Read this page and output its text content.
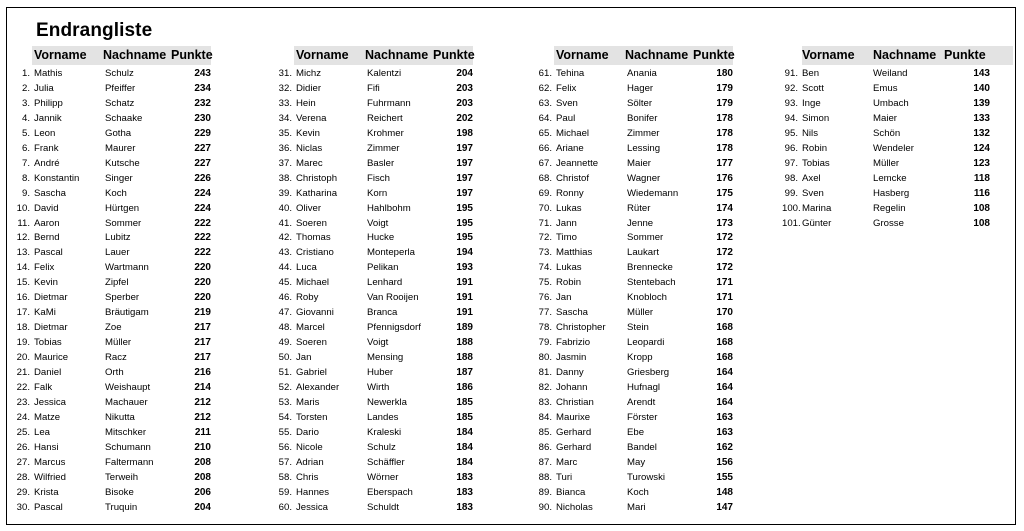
Endrangliste
Vorname Nachname Punkte
1. Mathis	Schulz	243
2. Julia	Pfeiffer	234
3. Philipp	Schatz	232
4. Jannik	Schaake	230
5. Leon	Gotha	229
6. Frank	Maurer	227
7. André	Kutsche	227
8. Konstantin	Singer	226
9. Sascha	Koch	224
10. David	Hürtgen	224
11. Aaron	Sommer	222
12. Bernd	Lubitz	222
13. Pascal	Lauer	222
14. Felix	Wartmann	220
15. Kevin	Zipfel	220
16. Dietmar	Sperber	220
17. KaMi	Bräutigam	219
18. Dietmar	Zoe	217
19. Tobias	Müller	217
20. Maurice	Racz	217
21. Daniel	Orth	216
22. Falk	Weishaupt	214
23. Jessica	Machauer	212
24. Matze	Nikutta	212
25. Lea	Mitschker	211
26. Hansi	Schumann	210
27. Marcus	Faltermann	208
28. Wilfried	Terweih	208
29. Krista	Bisoke	206
30. Pascal	Truquin	204
Vorname Nachname Punkte
31. Michz	Kalentzi	204
32. Didier	Fifi	203
33. Hein	Fuhrmann	203
34. Verena	Reichert	202
35. Kevin	Krohmer	198
36. Niclas	Zimmer	197
37. Marec	Basler	197
38. Christoph	Fisch	197
39. Katharina	Korn	197
40. Oliver	Hahlbohm	195
41. Soeren	Voigt	195
42. Thomas	Hucke	195
43. Cristiano	Monteperla	194
44. Luca	Pelikan	193
45. Michael	Lenhard	191
46. Roby	Van Rooijen	191
47. Giovanni	Branca	191
48. Marcel	Pfennigsdorf	189
49. Soeren	Voigt	188
50. Jan	Mensing	188
51. Gabriel	Huber	187
52. Alexander	Wirth	186
53. Maris	Newerkla	185
54. Torsten	Landes	185
55. Dario	Kraleski	184
56. Nicole	Schulz	184
57. Adrian	Schäffler	184
58. Chris	Wörner	183
59. Hannes	Eberspach	183
60. Jessica	Schuldt	183
Vorname Nachname Punkte
61. Tehina	Anania	180
62. Felix	Hager	179
63. Sven	Sölter	179
64. Paul	Bonifer	178
65. Michael	Zimmer	178
66. Ariane	Lessing	178
67. Jeannette	Maier	177
68. Christof	Wagner	176
69. Ronny	Wiedemann	175
70. Lukas	Rüter	174
71. Jann	Jenne	173
72. Timo	Sommer	172
73. Matthias	Laukart	172
74. Lukas	Brennecke	172
75. Robin	Stentebach	171
76. Jan	Knobloch	171
77. Sascha	Müller	170
78. Christopher Stein	168
79. Fabrizio	Leopardi	168
80. Jasmin	Kropp	168
81. Danny	Griesberg	164
82. Johann	Hufnagl	164
83. Christian	Arendt	164
84. Maurixe	Förster	163
85. Gerhard	Ebe	163
86. Gerhard	Bandel	162
87. Marc	May	156
88. Turi	Turowski	155
89. Bianca	Koch	148
90. Nicholas	Mari	147
Vorname Nachname Punkte
91. Ben	Weiland	143
92. Scott	Emus	140
93. Inge	Umbach	139
94. Simon	Maier	133
95. Nils	Schön	132
96. Robin	Wendeler	124
97. Tobias	Müller	123
98. Axel	Lemcke	118
99. Sven	Hasberg	116
100. Marina	Regelin	108
101. Günter	Grosse	108
